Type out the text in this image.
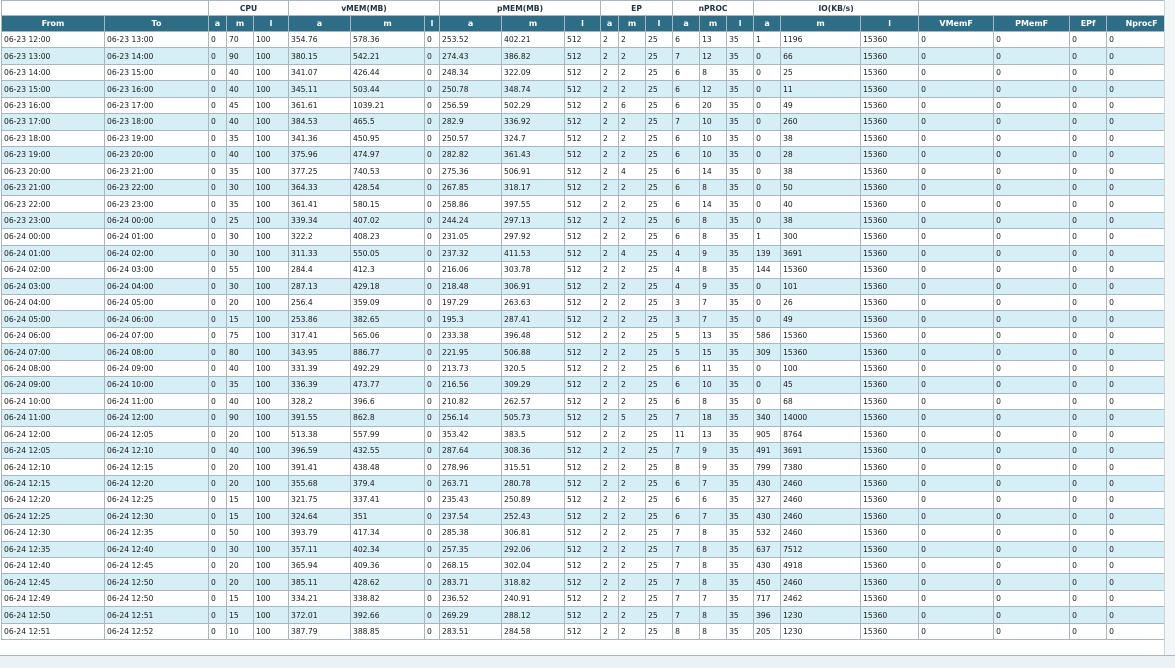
		CPU			vMEM(MB)			pMEM(MB)			EP			nPROC			IO(KB/s)						
From	To	a	m	l	a	m	l	a	m	l	a	m	l	a	m	l	a	m	l	VMemF	PMemF	EPf	NprocF
06-23 12:00	06-23 13:00	0	70	100	354.76	578.36	0	253.52	402.21	512	2	2	25	6	13	35	1	1196	15360	0	0	0	0
06-23 13:00	06-23 14:00	0	90	100	380.15	542.21	0	274.43	386.82	512	2	2	25	7	12	35	0	66	15360	0	0	0	0
06-23 14:00	06-23 15:00	0	40	100	341.07	426.44	0	248.34	322.09	512	2	2	25	6	8	35	0	25	15360	0	0	0	0
06-23 15:00	06-23 16:00	0	40	100	345.11	503.44	0	250.78	348.74	512	2	2	25	6	12	35	0	11	15360	0	0	0	0
06-23 16:00	06-23 17:00	0	45	100	361.61	1039.21	0	256.59	502.29	512	2	6	25	6	20	35	0	49	15360	0	0	0	0
06-23 17:00	06-23 18:00	0	40	100	384.53	465.5	0	282.9	336.92	512	2	2	25	7	10	35	0	260	15360	0	0	0	0
06-23 18:00	06-23 19:00	0	35	100	341.36	450.95	0	250.57	324.7	512	2	2	25	6	10	35	0	38	15360	0	0	0	0
06-23 19:00	06-23 20:00	0	40	100	375.96	474.97	0	282.82	361.43	512	2	2	25	6	10	35	0	28	15360	0	0	0	0
06-23 20:00	06-23 21:00	0	35	100	377.25	740.53	0	275.36	506.91	512	2	4	25	6	14	35	0	38	15360	0	0	0	0
06-23 21:00	06-23 22:00	0	30	100	364.33	428.54	0	267.85	318.17	512	2	2	25	6	8	35	0	50	15360	0	0	0	0
06-23 22:00	06-23 23:00	0	35	100	361.41	580.15	0	258.86	397.55	512	2	2	25	6	14	35	0	40	15360	0	0	0	0
06-23 23:00	06-24 00:00	0	25	100	339.34	407.02	0	244.24	297.13	512	2	2	25	6	8	35	0	38	15360	0	0	0	0
06-24 00:00	06-24 01:00	0	30	100	322.2	408.23	0	231.05	297.92	512	2	2	25	6	8	35	1	300	15360	0	0	0	0
06-24 01:00	06-24 02:00	0	30	100	311.33	550.05	0	237.32	411.53	512	2	4	25	4	9	35	139	3691	15360	0	0	0	0
06-24 02:00	06-24 03:00	0	55	100	284.4	412.3	0	216.06	303.78	512	2	2	25	4	8	35	144	15360	15360	0	0	0	0
06-24 03:00	06-24 04:00	0	30	100	287.13	429.18	0	218.48	306.91	512	2	2	25	4	9	35	0	101	15360	0	0	0	0
06-24 04:00	06-24 05:00	0	20	100	256.4	359.09	0	197.29	263.63	512	2	2	25	3	7	35	0	26	15360	0	0	0	0
06-24 05:00	06-24 06:00	0	15	100	253.86	382.65	0	195.3	287.41	512	2	2	25	3	7	35	0	49	15360	0	0	0	0
06-24 06:00	06-24 07:00	0	75	100	317.41	565.06	0	233.38	396.48	512	2	2	25	5	13	35	586	15360	15360	0	0	0	0
06-24 07:00	06-24 08:00	0	80	100	343.95	886.77	0	221.95	506.88	512	2	2	25	5	15	35	309	15360	15360	0	0	0	0
06-24 08:00	06-24 09:00	0	40	100	331.39	492.29	0	213.73	320.5	512	2	2	25	6	11	35	0	100	15360	0	0	0	0
06-24 09:00	06-24 10:00	0	35	100	336.39	473.77	0	216.56	309.29	512	2	2	25	6	10	35	0	45	15360	0	0	0	0
06-24 10:00	06-24 11:00	0	40	100	328.2	396.6	0	210.82	262.57	512	2	2	25	6	8	35	0	68	15360	0	0	0	0
06-24 11:00	06-24 12:00	0	90	100	391.55	862.8	0	256.14	505.73	512	2	5	25	7	18	35	340	14000	15360	0	0	0	0
06-24 12:00	06-24 12:05	0	20	100	513.38	557.99	0	353.42	383.5	512	2	2	25	11	13	35	905	8764	15360	0	0	0	0
06-24 12:05	06-24 12:10	0	40	100	396.59	432.55	0	287.64	308.36	512	2	2	25	7	9	35	491	3691	15360	0	0	0	0
06-24 12:10	06-24 12:15	0	20	100	391.41	438.48	0	278.96	315.51	512	2	2	25	8	9	35	799	7380	15360	0	0	0	0
06-24 12:15	06-24 12:20	0	20	100	355.68	379.4	0	263.71	280.78	512	2	2	25	6	7	35	430	2460	15360	0	0	0	0
06-24 12:20	06-24 12:25	0	15	100	321.75	337.41	0	235.43	250.89	512	2	2	25	6	6	35	327	2460	15360	0	0	0	0
06-24 12:25	06-24 12:30	0	15	100	324.64	351	0	237.54	252.43	512	2	2	25	6	7	35	430	2460	15360	0	0	0	0
06-24 12:30	06-24 12:35	0	50	100	393.79	417.34	0	285.38	306.81	512	2	2	25	7	8	35	532	2460	15360	0	0	0	0
06-24 12:35	06-24 12:40	0	30	100	357.11	402.34	0	257.35	292.06	512	2	2	25	7	8	35	637	7512	15360	0	0	0	0
06-24 12:40	06-24 12:45	0	20	100	365.94	409.36	0	268.15	302.04	512	2	2	25	7	8	35	430	4918	15360	0	0	0	0
06-24 12:45	06-24 12:50	0	20	100	385.11	428.62	0	283.71	318.82	512	2	2	25	7	8	35	450	2460	15360	0	0	0	0
06-24 12:49	06-24 12:50	0	15	100	334.21	338.82	0	236.52	240.91	512	2	2	25	7	7	35	717	2462	15360	0	0	0	0
06-24 12:50	06-24 12:51	0	15	100	372.01	392.66	0	269.29	288.12	512	2	2	25	7	8	35	396	1230	15360	0	0	0	0
06-24 12:51	06-24 12:52	0	10	100	387.79	388.85	0	283.51	284.58	512	2	2	25	8	8	35	205	1230	15360	0	0	0	0
